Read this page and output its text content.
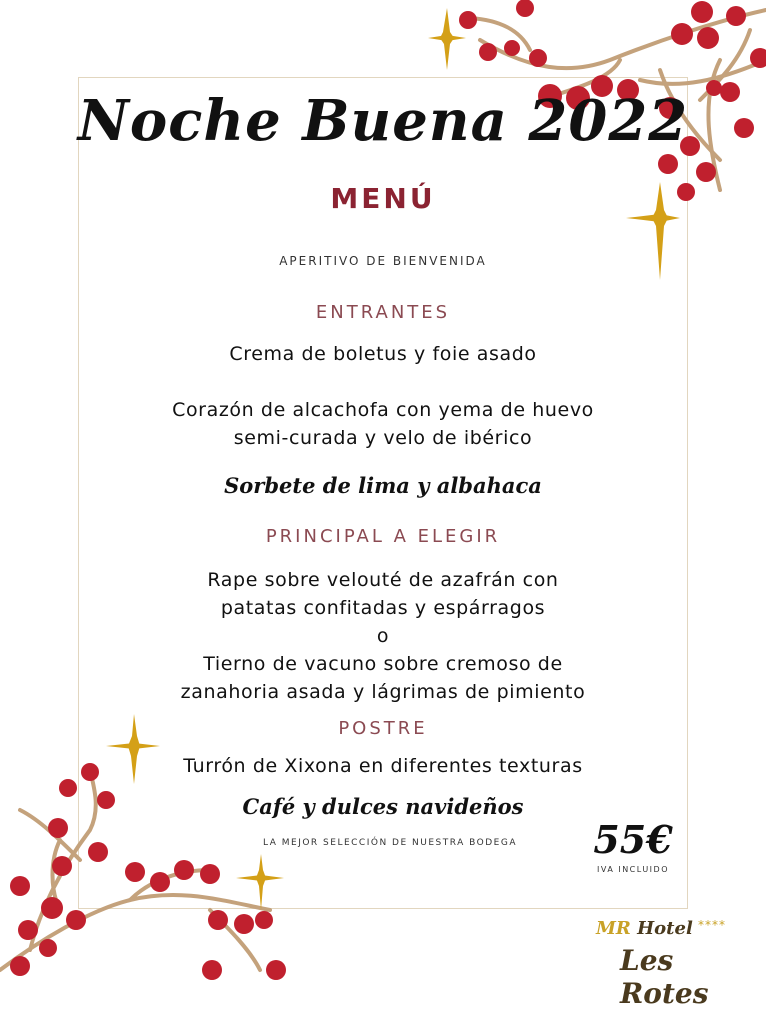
Noche Buena 2022
MENÚ
APERITIVO DE BIENVENIDA
ENTRANTES
Crema de boletus y foie asado
Corazón de alcachofa con yema de huevo
semi-curada y velo de ibérico
Sorbete de lima y albahaca
PRINCIPAL A ELEGIR
Rape sobre velouté de azafrán con
patatas confitadas y espárragos
o
Tierno de vacuno sobre cremoso de
zanahoria asada y lágrimas de pimiento
POSTRE
Turrón de Xixona en diferentes texturas
Café y dulces navideños
LA MEJOR SELECCIÓN DE NUESTRA BODEGA	55€
IVA INCLUIDO
MR Hotel ****
Les Rotes
